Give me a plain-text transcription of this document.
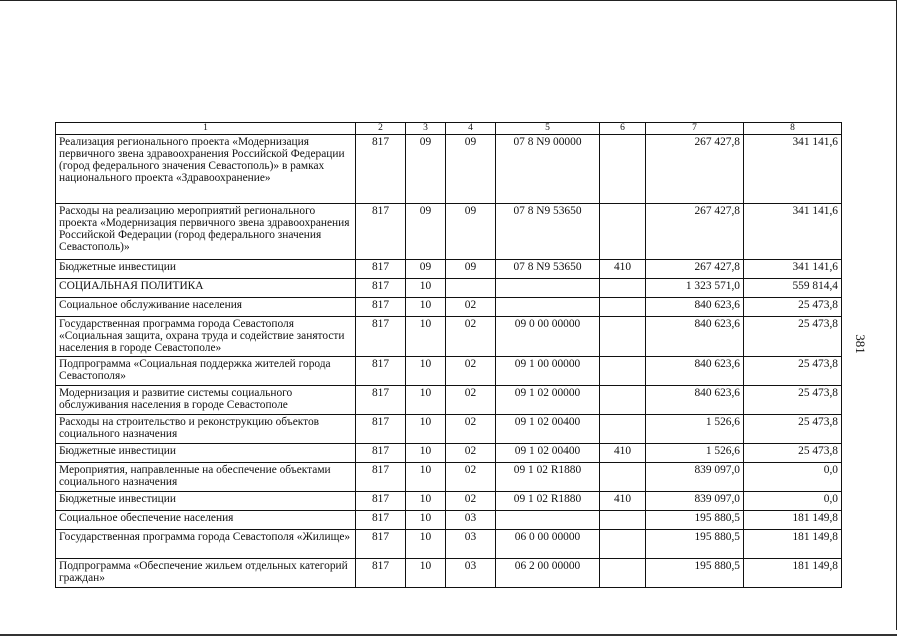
381
1	2	3	4	5	6	7	8
Реализация регионального проекта «Модернизация первичного звена здравоохранения Российской Федерации (город федерального значения Севастополь)» в рамках национального проекта «Здравоохранение»	817	09	09	07 8 N9 00000		267 427,8	341 141,6
Расходы на реализацию мероприятий регионального проекта «Модернизация первичного звена здравоохранения Российской Федерации (город федерального значения Севастополь)»	817	09	09	07 8 N9 53650		267 427,8	341 141,6
Бюджетные инвестиции	817	09	09	07 8 N9 53650	410	267 427,8	341 141,6
СОЦИАЛЬНАЯ ПОЛИТИКА	817	10				1 323 571,0	559 814,4
Социальное обслуживание населения	817	10	02			840 623,6	25 473,8
Государственная программа города Севастополя «Социальная защита, охрана труда и содействие занятости населения в городе Севастополе»	817	10	02	09 0 00 00000		840 623,6	25 473,8
Подпрограмма «Социальная поддержка жителей города Севастополя»	817	10	02	09 1 00 00000		840 623,6	25 473,8
Модернизация и развитие системы социального обслуживания населения в городе Севастополе	817	10	02	09 1 02 00000		840 623,6	25 473,8
Расходы на строительство и реконструкцию объектов социального назначения	817	10	02	09 1 02 00400		1 526,6	25 473,8
Бюджетные инвестиции	817	10	02	09 1 02 00400	410	1 526,6	25 473,8
Мероприятия, направленные на обеспечение объектами социального назначения	817	10	02	09 1 02 R1880		839 097,0	0,0
Бюджетные инвестиции	817	10	02	09 1 02 R1880	410	839 097,0	0,0
Социальное обеспечение населения	817	10	03			195 880,5	181 149,8
Государственная программа города Севастополя «Жилище»	817	10	03	06 0 00 00000		195 880,5	181 149,8
Подпрограмма «Обеспечение жильем отдельных категорий граждан»	817	10	03	06 2 00 00000		195 880,5	181 149,8
